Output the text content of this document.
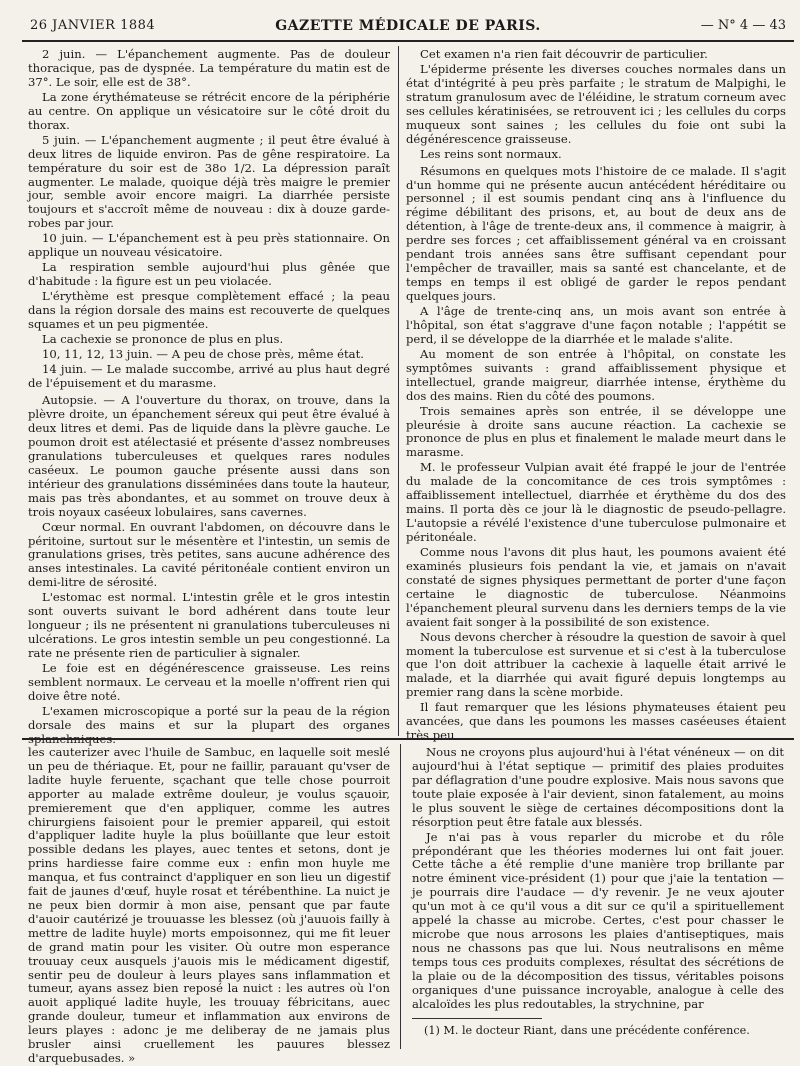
26 JANVIER 1884	GAZETTE MÉDICALE DE PARIS.	— N° 4 — 43

2 juin. — L'épanchement augmente. Pas de douleur thoracique, pas de dyspnée. La température du matin est de 37°. Le soir, elle est de 38°.

La zone érythémateuse se rétrécit encore de la périphérie au centre. On applique un vésicatoire sur le côté droit du thorax.

5 juin. — L'épanchement augmente ; il peut être évalué à deux litres de liquide environ. Pas de gêne respiratoire. La température du soir est de 38o 1/2. La dépression paraît augmenter. Le malade, quoique déjà très maigre le premier jour, semble avoir encore maigri. La diarrhée persiste toujours et s'accroît même de nouveau : dix à douze garde-robes par jour.

10 juin. — L'épanchement est à peu près stationnaire. On applique un nouveau vésicatoire.

La respiration semble aujourd'hui plus gênée que d'habitude : la figure est un peu violacée.

L'érythème est presque complètement effacé ; la peau dans la région dorsale des mains est recouverte de quelques squames et un peu pigmentée.

La cachexie se prononce de plus en plus.

10, 11, 12, 13 juin. — A peu de chose près, même état.

14 juin. — Le malade succombe, arrivé au plus haut degré de l'épuisement et du marasme.

Autopsie. — A l'ouverture du thorax, on trouve, dans la plèvre droite, un épanchement séreux qui peut être évalué à deux litres et demi. Pas de liquide dans la plèvre gauche. Le poumon droit est atélectasié et présente d'assez nombreuses granulations tuberculeuses et quelques rares nodules caséeux. Le poumon gauche présente aussi dans son intérieur des granulations disséminées dans toute la hauteur, mais pas très abondantes, et au sommet on trouve deux à trois noyaux caséeux lobulaires, sans cavernes.

Cœur normal. En ouvrant l'abdomen, on découvre dans le péritoine, surtout sur le mésentère et l'intestin, un semis de granulations grises, très petites, sans aucune adhérence des anses intestinales. La cavité péritonéale contient environ un demi-litre de sérosité.

L'estomac est normal. L'intestin grêle et le gros intestin sont ouverts suivant le bord adhérent dans toute leur longueur ; ils ne présentent ni granulations tuberculeuses ni ulcérations. Le gros intestin semble un peu congestionné. La rate ne présente rien de particulier à signaler.

Le foie est en dégénérescence graisseuse. Les reins semblent normaux. Le cerveau et la moelle n'offrent rien qui doive être noté.

L'examen microscopique a porté sur la peau de la région dorsale des mains et sur la plupart des organes splanchniques.

Cet examen n'a rien fait découvrir de particulier.

L'épiderme présente les diverses couches normales dans un état d'intégrité à peu près parfaite ; le stratum de Malpighi, le stratum granulosum avec de l'éléidine, le stratum corneum avec ses cellules kératinisées, se retrouvent ici ; les cellules du corps muqueux sont saines ; les cellules du foie ont subi la dégénérescence graisseuse.

Les reins sont normaux.

Résumons en quelques mots l'histoire de ce malade. Il s'agit d'un homme qui ne présente aucun antécédent héréditaire ou personnel ; il est soumis pendant cinq ans à l'influence du régime débilitant des prisons, et, au bout de deux ans de détention, à l'âge de trente-deux ans, il commence à maigrir, à perdre ses forces ; cet affaiblissement général va en croissant pendant trois années sans être suffisant cependant pour l'empêcher de travailler, mais sa santé est chancelante, et de temps en temps il est obligé de garder le repos pendant quelques jours.

A l'âge de trente-cinq ans, un mois avant son entrée à l'hôpital, son état s'aggrave d'une façon notable ; l'appétit se perd, il se développe de la diarrhée et le malade s'alite.

Au moment de son entrée à l'hôpital, on constate les symptômes suivants : grand affaiblissement physique et intellectuel, grande maigreur, diarrhée intense, érythème du dos des mains. Rien du côté des poumons.

Trois semaines après son entrée, il se développe une pleurésie à droite sans aucune réaction. La cachexie se prononce de plus en plus et finalement le malade meurt dans le marasme.

M. le professeur Vulpian avait été frappé le jour de l'entrée du malade de la concomitance de ces trois symptômes : affaiblissement intellectuel, diarrhée et érythème du dos des mains. Il porta dès ce jour là le diagnostic de pseudo-pellagre. L'autopsie a révélé l'existence d'une tuberculose pulmonaire et péritonéale.

Comme nous l'avons dit plus haut, les poumons avaient été examinés plusieurs fois pendant la vie, et jamais on n'avait constaté de signes physiques permettant de porter d'une façon certaine le diagnostic de tuberculose. Néanmoins l'épanchement pleural survenu dans les derniers temps de la vie avaient fait songer à la possibilité de son existence.

Nous devons chercher à résoudre la question de savoir à quel moment la tuberculose est survenue et si c'est à la tuberculose que l'on doit attribuer la cachexie à laquelle était arrivé le malade, et la diarrhée qui avait figuré depuis longtemps au premier rang dans la scène morbide.

Il faut remarquer que les lésions phymateuses étaient peu avancées, que dans les poumons les masses caséeuses étaient très peu

les cauterizer avec l'huile de Sambuc, en laquelle soit meslé un peu de thériaque. Et, pour ne faillir, parauant qu'vser de ladite huyle feruente, sçachant que telle chose pourroit apporter au malade extrême douleur, je voulus sçauoir, premierement que d'en appliquer, comme les autres chirurgiens faisoient pour le premier appareil, qui estoit d'appliquer ladite huyle la plus boüillante que leur estoit possible dedans les playes, auec tentes et setons, dont je prins hardiesse faire comme eux : enfin mon huyle me manqua, et fus contrainct d'appliquer en son lieu un digestif fait de jaunes d'œuf, huyle rosat et térébenthine. La nuict je ne peux bien dormir à mon aise, pensant que par faute d'auoir cautérizé je trouuasse les blessez (où j'auuois failly à mettre de ladite huyle) morts empoisonnez, qui me fit leuer de grand matin pour les visiter. Où outre mon esperance trouuay ceux ausquels j'auois mis le médicament digestif, sentir peu de douleur à leurs playes sans inflammation et tumeur, ayans assez bien reposé la nuict : les autres où l'on auoit appliqué ladite huyle, les trouuay fébricitans, auec grande douleur, tumeur et inflammation aux environs de leurs playes : adonc je me deliberay de ne jamais plus brusler ainsi cruellement les pauures blessez d'arquebusades. »

Nous ne croyons plus aujourd'hui à l'état vénéneux — on dit aujourd'hui à l'état septique — primitif des plaies produites par déflagration d'une poudre explosive. Mais nous savons que toute plaie exposée à l'air devient, sinon fatalement, au moins le plus souvent le siège de certaines décompositions dont la résorption peut être fatale aux blessés.

Je n'ai pas à vous reparler du microbe et du rôle prépondérant que les théories modernes lui ont fait jouer. Cette tâche a été remplie d'une manière trop brillante par notre éminent vice-président (1) pour que j'aie la tentation — je pourrais dire l'audace — d'y revenir. Je ne veux ajouter qu'un mot à ce qu'il vous a dit sur ce qu'il a spirituellement appelé la chasse au microbe. Certes, c'est pour chasser le microbe que nous arrosons les plaies d'antiseptiques, mais nous ne chassons pas que lui. Nous neutralisons en même temps tous ces produits complexes, résultat des sécrétions de la plaie ou de la décomposition des tissus, véritables poisons organiques d'une puissance incroyable, analogue à celle des alcaloïdes les plus redoutables, la strychnine, par

(1) M. le docteur Riant, dans une précédente conférence.
